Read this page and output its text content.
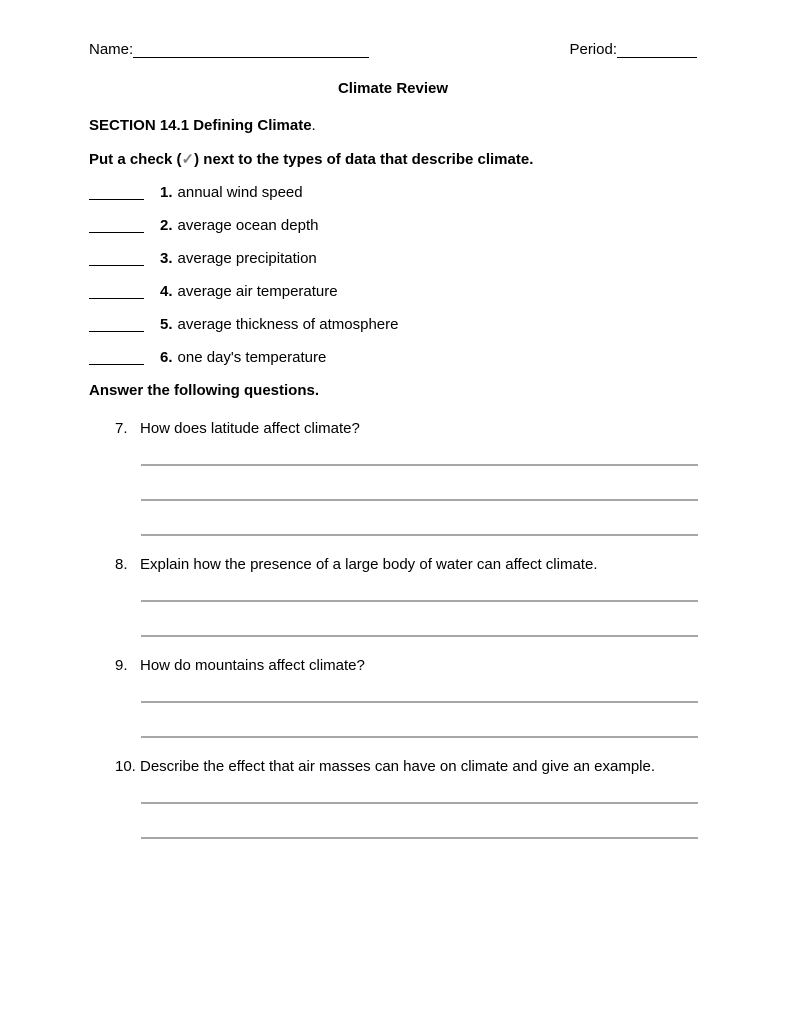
Name:	Period:
Climate Review
SECTION 14.1 Defining Climate.
Put a check (✓) next to the types of data that describe climate.
1. annual wind speed
2. average ocean depth
3. average precipitation
4. average air temperature
5. average thickness of atmosphere
6. one day's temperature
Answer the following questions.
7. How does latitude affect climate?
8. Explain how the presence of a large body of water can affect climate.
9. How do mountains affect climate?
10. Describe the effect that air masses can have on climate and give an example.
